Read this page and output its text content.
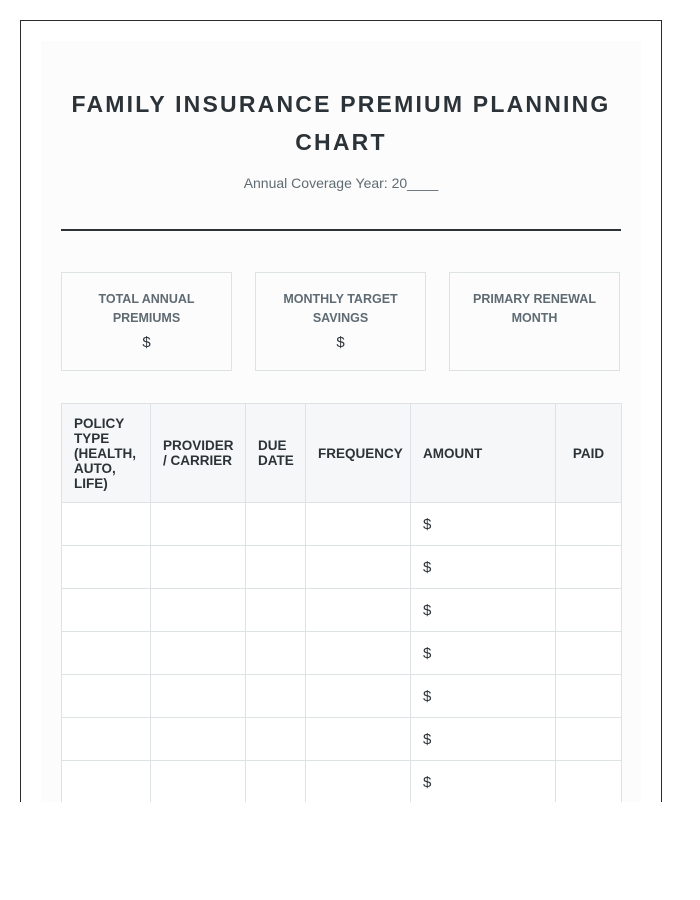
FAMILY INSURANCE PREMIUM PLANNING CHART
Annual Coverage Year: 20____
TOTAL ANNUAL PREMIUMS
$
MONTHLY TARGET SAVINGS
$
PRIMARY RENEWAL MONTH
POLICY TYPE (HEALTH, AUTO, LIFE)	PROVIDER / CARRIER	DUE DATE	FREQUENCY	AMOUNT	PAID
				$	
				$	
				$	
				$	
				$	
				$	
				$	
